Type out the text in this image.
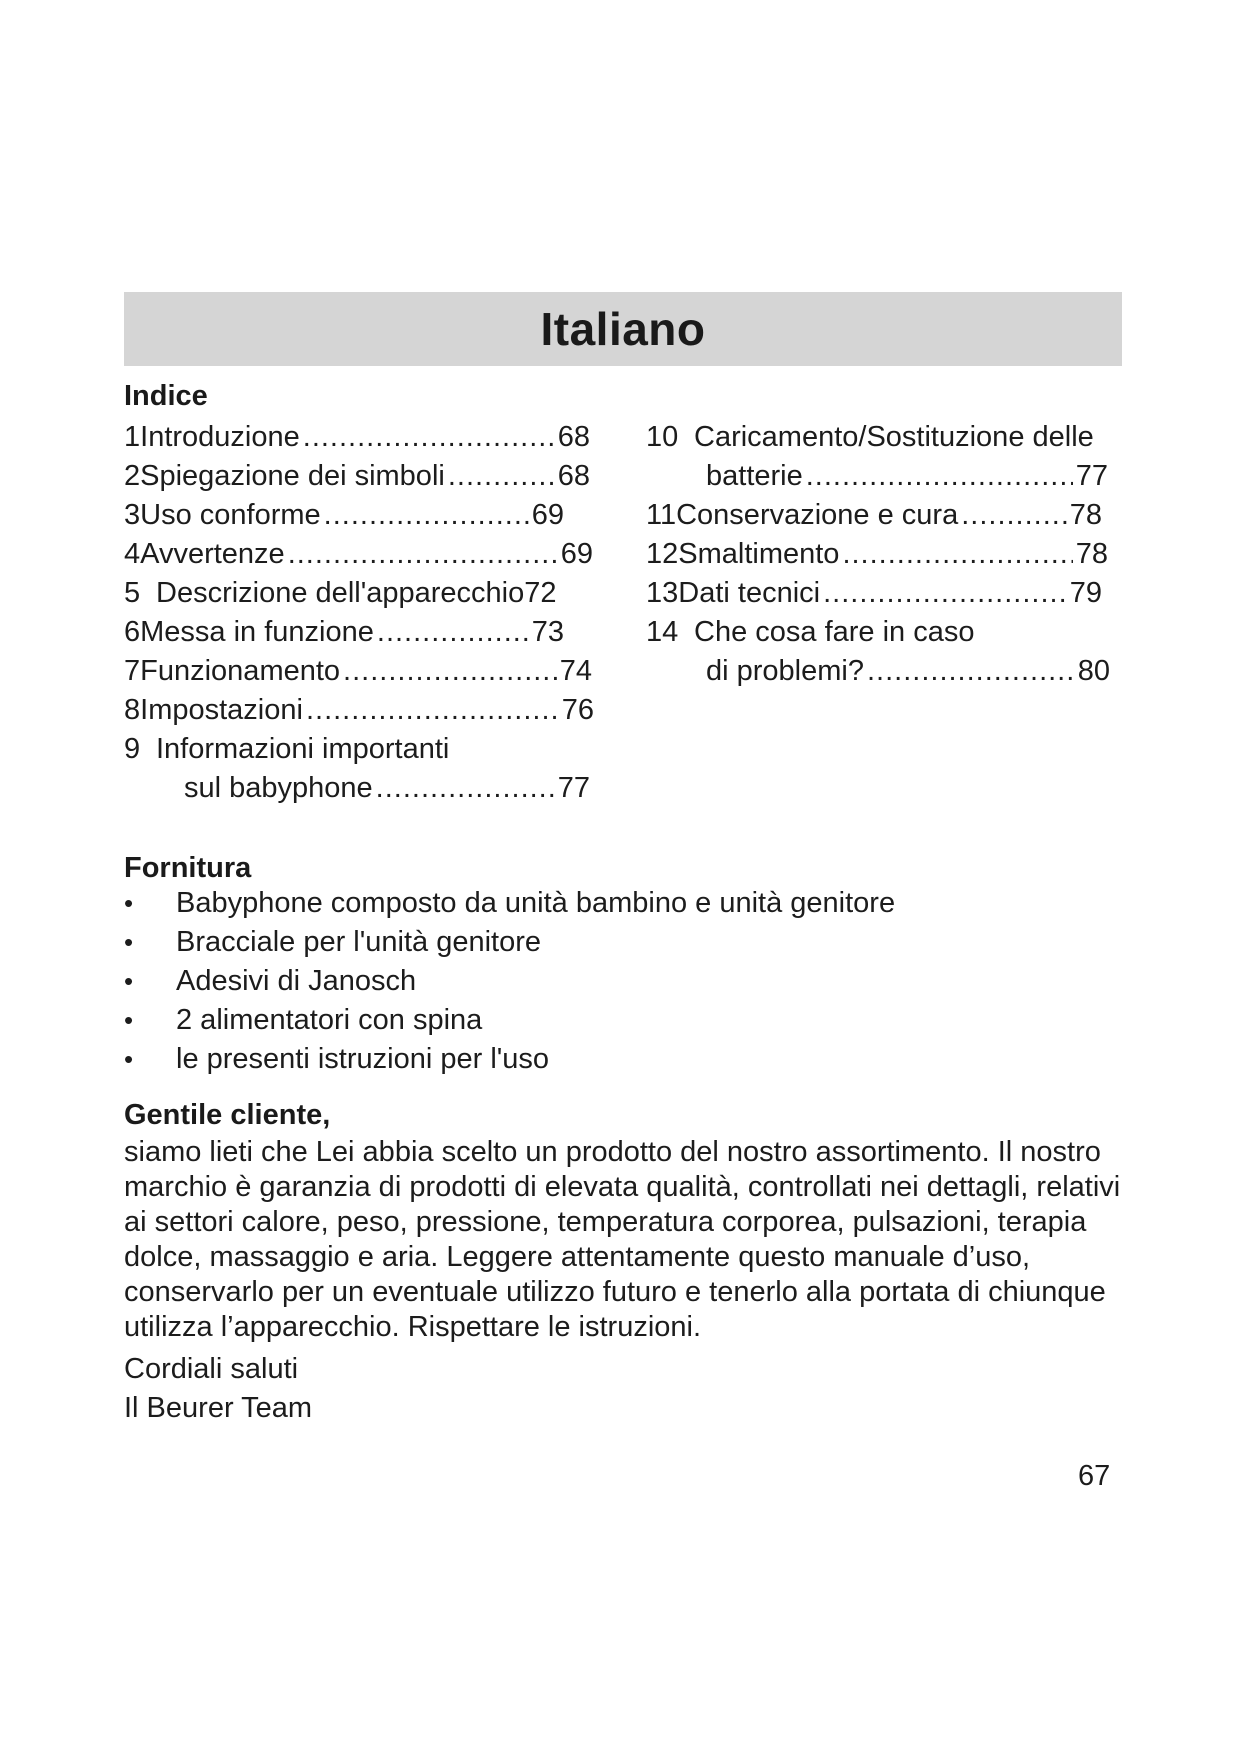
Italiano
Indice
1 Introduzione .....	68
2 Spiegazione dei simboli .....	68
3 Uso conforme .....	69
4 Avvertenze .....	69
5 Descrizione dell'apparecchio 72
6 Messa in funzione .....	73
7 Funzionamento .....	74
8 Impostazioni .....	76
9 Informazioni importanti
sul babyphone .....	77
10 Caricamento/Sostituzione delle
batterie .....	77
11 Conservazione e cura .....	78
12 Smaltimento .....	78
13 Dati tecnici .....	79
14 Che cosa fare in caso
di problemi? .....	80
Fornitura
• Babyphone composto da unità bambino e unità genitore
• Bracciale per l'unità genitore
• Adesivi di Janosch
• 2 alimentatori con spina
• le presenti istruzioni per l'uso
Gentile cliente,

siamo lieti che Lei abbia scelto un prodotto del nostro assortimento. Il nostro marchio è garanzia di prodotti di elevata qualità, controllati nei dettagli, relativi ai settori calore, peso, pressione, temperatura corporea, pulsazioni, terapia dolce, massaggio e aria. Leggere attentamente questo manuale d’uso, conservarlo per un eventuale utilizzo futuro e tenerlo alla portata di chiunque utilizza l’apparecchio. Rispettare le istruzioni.

Cordiali saluti
Il Beurer Team
67
